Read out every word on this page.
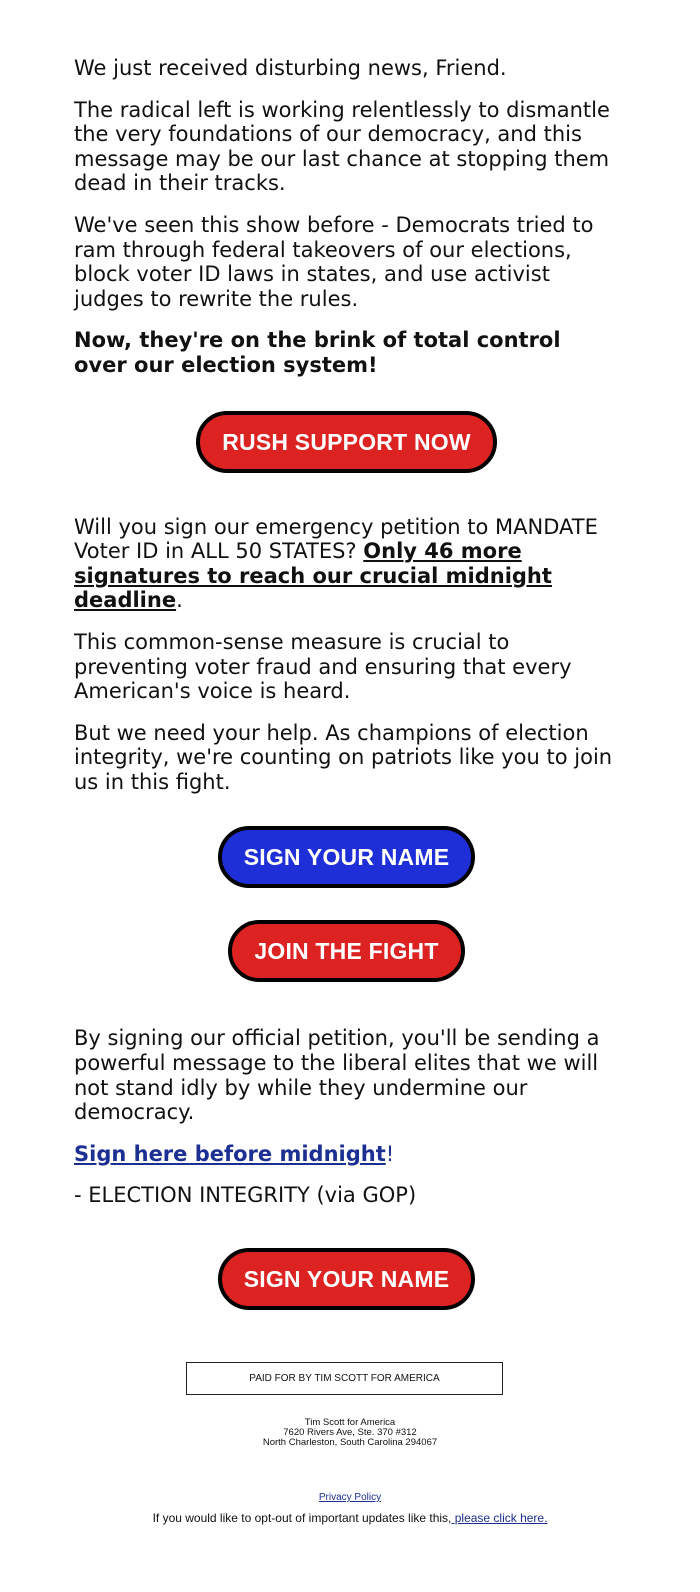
We just received disturbing news, Friend.

The radical left is working relentlessly to dismantle the very foundations of our democracy, and this message may be our last chance at stopping them dead in their tracks.

We've seen this show before - Democrats tried to ram through federal takeovers of our elections, block voter ID laws in states, and use activist judges to rewrite the rules.

Now, they're on the brink of total control over our election system!

RUSH SUPPORT NOW

Will you sign our emergency petition to MANDATE Voter ID in ALL 50 STATES? Only 46 more signatures to reach our crucial midnight deadline.

This common-sense measure is crucial to preventing voter fraud and ensuring that every American's voice is heard.

But we need your help. As champions of election integrity, we're counting on patriots like you to join us in this fight.

SIGN YOUR NAME
JOIN THE FIGHT

By signing our official petition, you'll be sending a powerful message to the liberal elites that we will not stand idly by while they undermine our democracy.

Sign here before midnight!

- ELECTION INTEGRITY (via GOP)

SIGN YOUR NAME
PAID FOR BY TIM SCOTT FOR AMERICA
Tim Scott for America
7620 Rivers Ave, Ste. 370 #312
North Charleston, South Carolina 294067
Privacy Policy
If you would like to opt-out of important updates like this, please click here.
